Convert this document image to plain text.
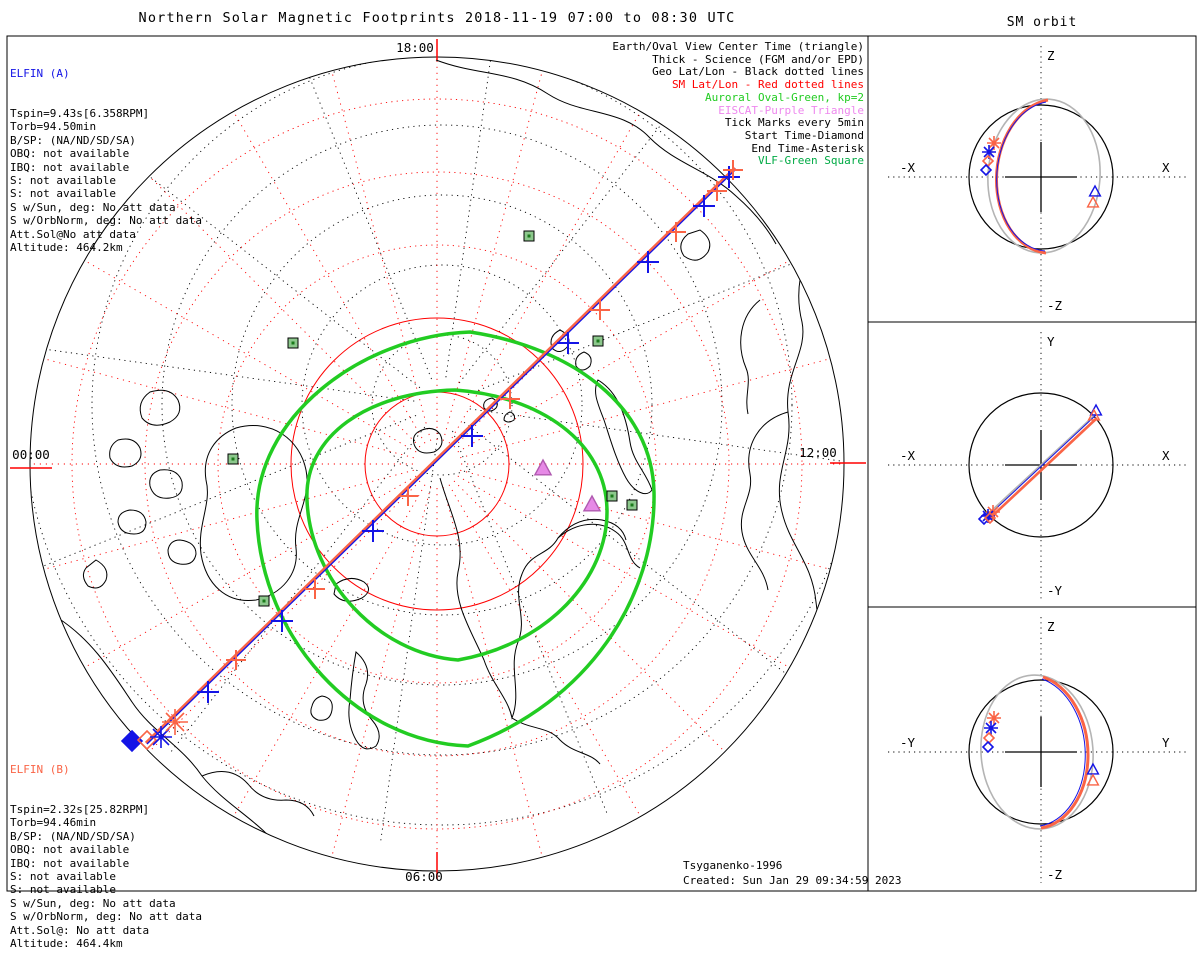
18:00
00:00	12:00
06:00
Z
-Z
-X	X
Y
-Y
-X	X
Z
-Z
-Y	Y
Northern Solar Magnetic Footprints 2018-11-19 07:00 to 08:30 UTC	SM orbit
Tsyganenko-1996
Created: Sun Jan 29 09:34:59 2023

ELFIN (A)

Tspin=9.43s[6.358RPM]
Torb=94.50min
B/SP: (NA/ND/SD/SA)
OBQ: not available
IBQ: not available
S: not available
S: not available
S w/Sun, deg: No att data
S w/OrbNorm, deg: No att data
Att.Sol@No att data
Altitude: 464.2km

ELFIN (B)

Tspin=2.32s[25.82RPM]
Torb=94.46min
B/SP: (NA/ND/SD/SA)
OBQ: not available
IBQ: not available
S: not available
S: not available
S w/Sun, deg: No att data
S w/OrbNorm, deg: No att data
Att.Sol@: No att data
Altitude: 464.4km

Earth/Oval View Center Time (triangle)
Thick - Science (FGM and/or EPD)
Geo Lat/Lon - Black dotted lines
SM Lat/Lon - Red dotted lines
Auroral Oval-Green, kp=2
EISCAT-Purple Triangle
Tick Marks every 5min
Start Time-Diamond
End Time-Asterisk
VLF-Green Square
